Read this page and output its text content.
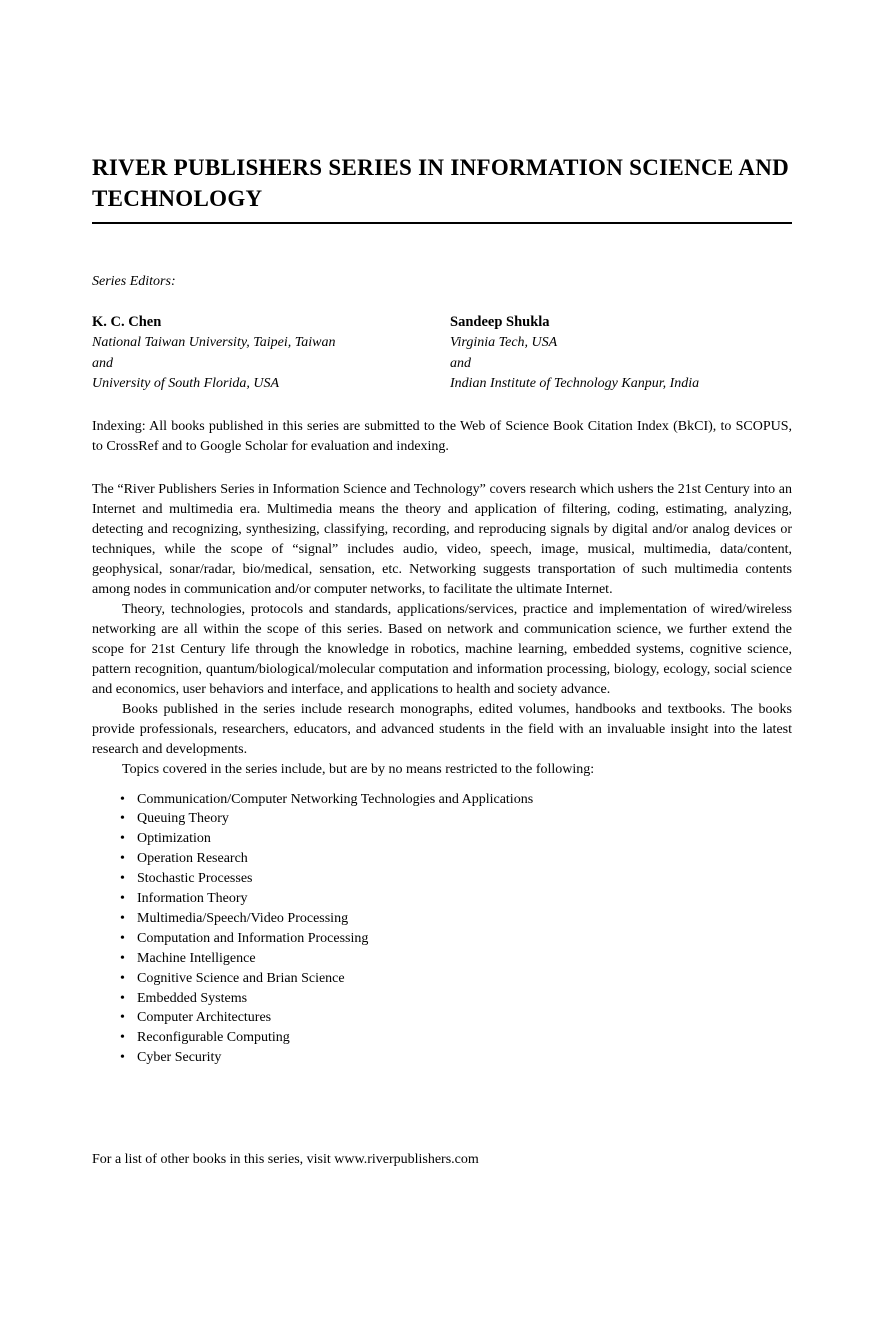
RIVER PUBLISHERS SERIES IN INFORMATION SCIENCE AND TECHNOLOGY
Series Editors:
K. C. Chen
National Taiwan University, Taipei, Taiwan
and
University of South Florida, USA
Sandeep Shukla
Virginia Tech, USA
and
Indian Institute of Technology Kanpur, India

Indexing: All books published in this series are submitted to the Web of Science Book Citation Index (BkCI), to SCOPUS, to CrossRef and to Google Scholar for evaluation and indexing.

The “River Publishers Series in Information Science and Technology” covers research which ushers the 21st Century into an Internet and multimedia era. Multimedia means the theory and application of filtering, coding, estimating, analyzing, detecting and recognizing, synthesizing, classifying, recording, and reproducing signals by digital and/or analog devices or techniques, while the scope of “signal” includes audio, video, speech, image, musical, multimedia, data/content, geophysical, sonar/radar, bio/medical, sensation, etc. Networking suggests transportation of such multimedia contents among nodes in communication and/or computer networks, to facilitate the ultimate Internet.

Theory, technologies, protocols and standards, applications/services, practice and implementation of wired/wireless networking are all within the scope of this series. Based on network and communication science, we further extend the scope for 21st Century life through the knowledge in robotics, machine learning, embedded systems, cognitive science, pattern recognition, quantum/biological/molecular computation and information processing, biology, ecology, social science and economics, user behaviors and interface, and applications to health and society advance.

Books published in the series include research monographs, edited volumes, handbooks and textbooks. The books provide professionals, researchers, educators, and advanced students in the field with an invaluable insight into the latest research and developments.

Topics covered in the series include, but are by no means restricted to the following:

• Communication/Computer Networking Technologies and Applications
• Queuing Theory
• Optimization
• Operation Research
• Stochastic Processes
• Information Theory
• Multimedia/Speech/Video Processing
• Computation and Information Processing
• Machine Intelligence
• Cognitive Science and Brian Science
• Embedded Systems
• Computer Architectures
• Reconfigurable Computing
• Cyber Security
For a list of other books in this series, visit www.riverpublishers.com
